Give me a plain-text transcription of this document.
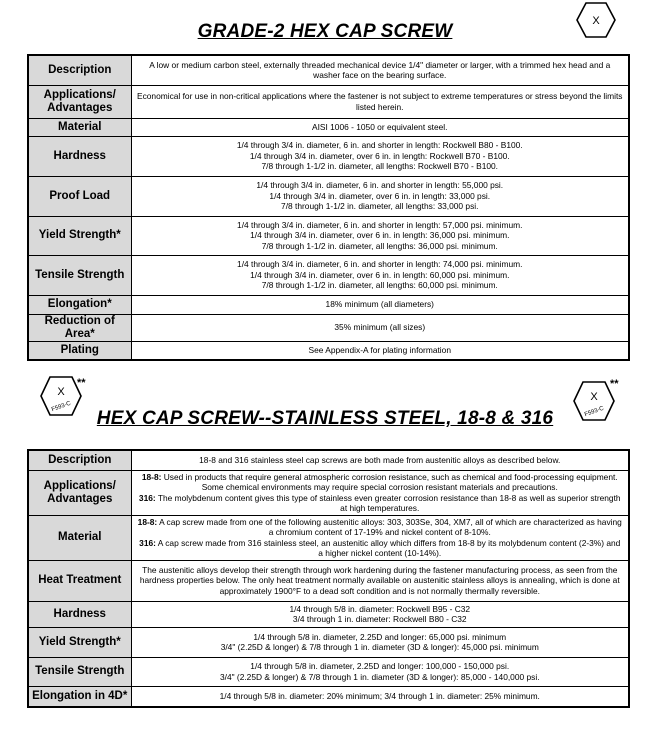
GRADE-2 HEX CAP SCREW	X
Description	A low or medium carbon steel, externally threaded mechanical device 1/4" diameter or larger, with a trimmed hex head and a
washer face on the bearing surface.

Applications/ Advantages	Economical for use in non-critical applications where the fastener is not subject to extreme temperatures or stress beyond the limits
listed herein.

Material	AISI 1006 - 1050 or equivalent steel.

Hardness	1/4 through 3/4 in. diameter, 6 in. and shorter in length: Rockwell B80 - B100.
1/4 through 3/4 in. diameter, over 6 in. in length: Rockwell B70 - B100.
7/8 through 1-1/2 in. diameter, all lengths: Rockwell B70 - B100.

Proof Load	1/4 through 3/4 in. diameter, 6 in. and shorter in length: 55,000 psi.
1/4 through 3/4 in. diameter, over 6 in. in length: 33,000 psi.
7/8 through 1-1/2 in. diameter, all lengths: 33,000 psi.

Yield Strength*	1/4 through 3/4 in. diameter, 6 in. and shorter in length: 57,000 psi. minimum.
1/4 through 3/4 in. diameter, over 6 in. in length: 36,000 psi. minimum.
7/8 through 1-1/2 in. diameter, all lengths: 36,000 psi. minimum.

Tensile Strength	1/4 through 3/4 in. diameter, 6 in. and shorter in length: 74,000 psi. minimum.
1/4 through 3/4 in. diameter, over 6 in. in length: 60,000 psi. minimum.
7/8 through 1-1/2 in. diameter, all lengths: 60,000 psi. minimum.

Elongation*	18% minimum (all diameters)

Reduction of Area*	35% minimum (all sizes)

Plating	See Appendix-A for plating information
X
F593-C
**
X
F593-C
**
HEX CAP SCREW--STAINLESS STEEL, 18-8 & 316
Description	18-8 and 316 stainless steel cap screws are both made from austenitic alloys as described below.

Applications/ Advantages	18-8: Used in products that require general atmospheric corrosion resistance, such as chemical and food-processing equipment.
Some chemical environments may require special corrosion resistant materials and precautions.
316: The molybdenum content gives this type of stainless even greater corrosion resistance than 18-8 as well as superior strength
at high temperatures.

Material	18-8: A cap screw made from one of the following austenitic alloys: 303, 303Se, 304, XM7, all of which are characterized as having
a chromium content of 17-19% and nickel content of 8-10%.
316: A cap screw made from 316 stainless steel, an austenitic alloy which differs from 18-8 by its molybdenum content (2-3%) and
a higher nickel content (10-14%).

Heat Treatment	The austenitic alloys develop their strength through work hardening during the fastener manufacturing process, as seen from the
hardness properties below. The only heat treatment normally available on austenitic stainless alloys is annealing, which is done at
approximately 1900°F to a dead soft condition and is not normally thermally reversible.

Hardness	1/4 through 5/8 in. diameter: Rockwell B95 - C32
3/4 through 1 in. diameter: Rockwell B80 - C32

Yield Strength*	1/4 through 5/8 in. diameter, 2.25D and longer: 65,000 psi. minimum
3/4" (2.25D & longer) & 7/8 through 1 in. diameter (3D & longer): 45,000 psi. minimum

Tensile Strength	1/4 through 5/8 in. diameter, 2.25D and longer: 100,000 - 150,000 psi.
3/4" (2.25D & longer) & 7/8 through 1 in. diameter (3D & longer): 85,000 - 140,000 psi.

Elongation in 4D*	1/4 through 5/8 in. diameter: 20% minimum; 3/4 through 1 in. diameter: 25% minimum.
